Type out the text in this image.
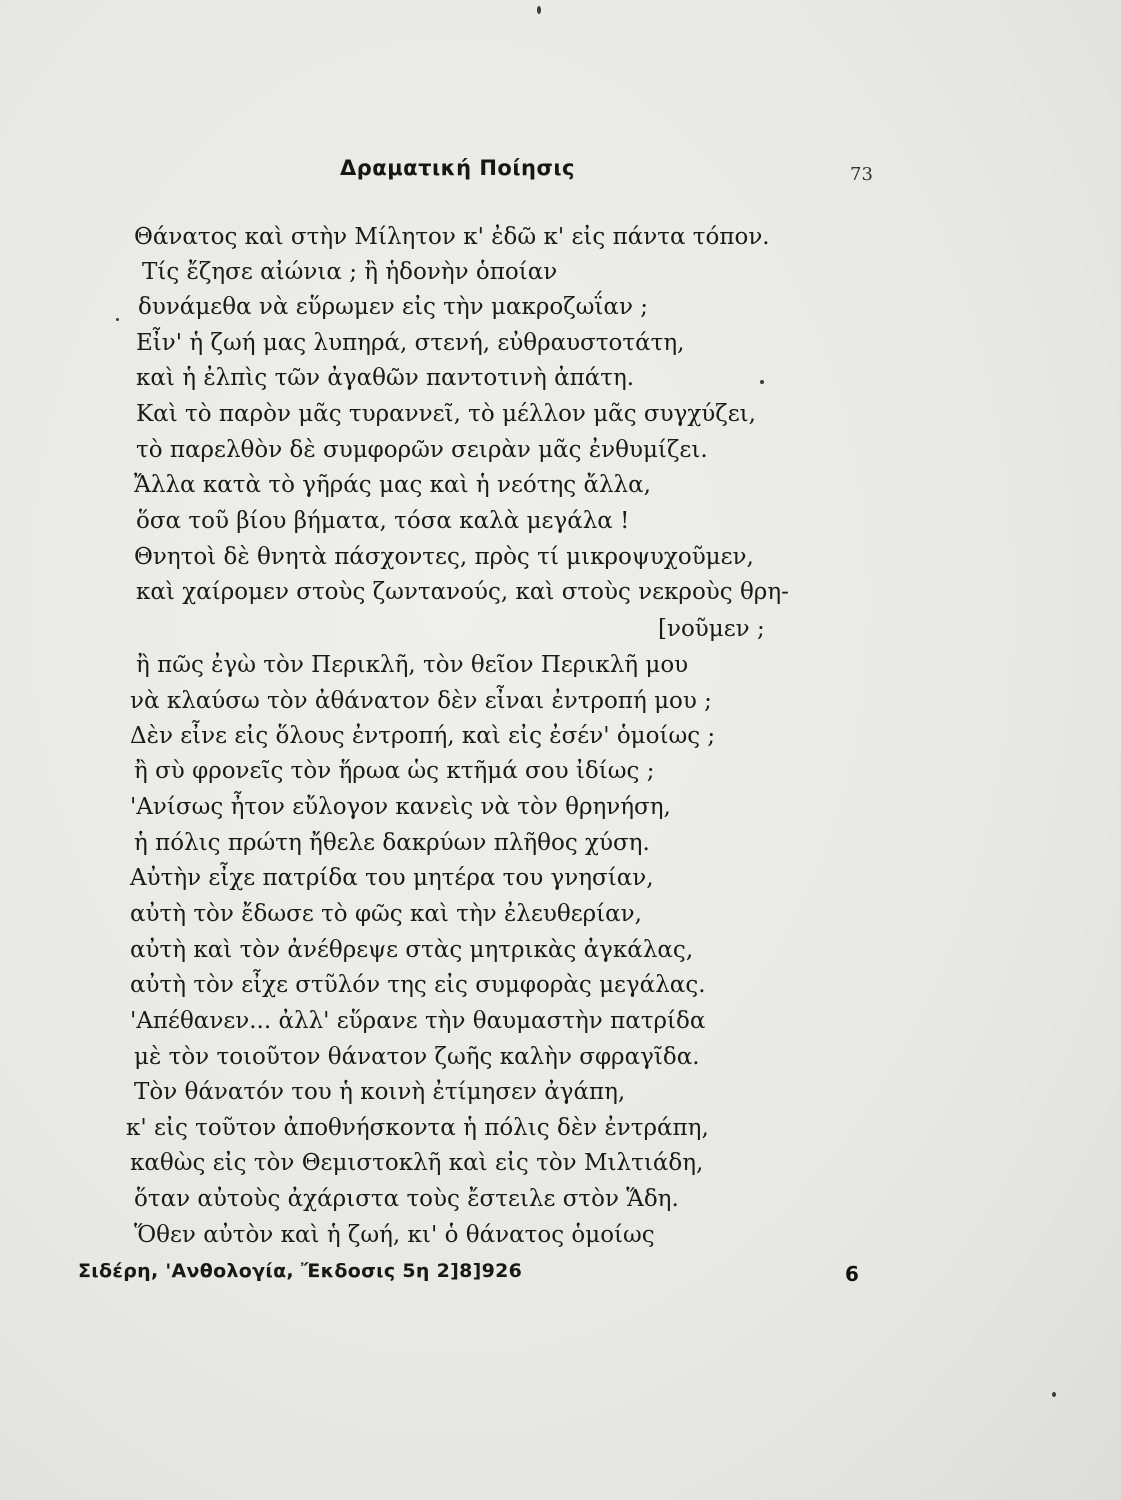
Δραματική Ποίησις	73
Θάνατος καὶ στὴν Μίλητον κ' ἐδῶ κ' εἰς πάντα τόπον.
Τίς ἔζησε αἰώνια ; ἢ ἡδονὴν ὁποίαν
δυνάμεθα νὰ εὕρωμεν εἰς τὴν μακροζωΐαν ;
Εἶν' ἡ ζωή μας λυπηρά, στενή, εὐθραυστοτάτη,
καὶ ἡ ἐλπὶς τῶν ἀγαθῶν παντοτινὴ ἀπάτη.
Καὶ τὸ παρὸν μᾶς τυραννεῖ, τὸ μέλλον μᾶς συγχύζει,
τὸ παρελθὸν δὲ συμφορῶν σειρὰν μᾶς ἐνθυμίζει.
Ἄλλα κατὰ τὸ γῆράς μας καὶ ἡ νεότης ἄλλα,
ὅσα τοῦ βίου βήματα, τόσα καλὰ μεγάλα !
Θνητοὶ δὲ θνητὰ πάσχοντες, πρὸς τί μικροψυχοῦμεν,
καὶ χαίρομεν στοὺς ζωντανούς, καὶ στοὺς νεκροὺς θρη-
[νοῦμεν ;
ἢ πῶς ἐγὼ τὸν Περικλῆ, τὸν θεῖον Περικλῆ μου
νὰ κλαύσω τὸν ἀθάνατον δὲν εἶναι ἐντροπή μου ;
Δὲν εἶνε εἰς ὅλους ἐντροπή, καὶ εἰς ἐσέν' ὁμοίως ;
ἢ σὺ φρονεῖς τὸν ἥρωα ὡς κτῆμά σου ἰδίως ;
'Ανίσως ἦτον εὔλογον κανεὶς νὰ τὸν θρηνήση,
ἡ πόλις πρώτη ἤθελε δακρύων πλῆθος χύση.
Αὐτὴν εἶχε πατρίδα του μητέρα του γνησίαν,
αὐτὴ τὸν ἔδωσε τὸ φῶς καὶ τὴν ἐλευθερίαν,
αὐτὴ καὶ τὸν ἀνέθρεψε στὰς μητρικὰς ἀγκάλας,
αὐτὴ τὸν εἶχε στῦλόν της εἰς συμφορὰς μεγάλας.
'Απέθανεν... ἀλλ' εὕρανε τὴν θαυμαστὴν πατρίδα
μὲ τὸν τοιοῦτον θάνατον ζωῆς καλὴν σφραγῖδα.
Τὸν θάνατόν του ἡ κοινὴ ἐτίμησεν ἀγάπη,
κ' εἰς τοῦτον ἀποθνήσκοντα ἡ πόλις δὲν ἐντράπη,
καθὼς εἰς τὸν Θεμιστοκλῆ καὶ εἰς τὸν Μιλτιάδη,
ὅταν αὐτοὺς ἀχάριστα τοὺς ἔστειλε στὸν Ἅδη.
Ὅθεν αὐτὸν καὶ ἡ ζωή, κι' ὁ θάνατος ὁμοίως
Σιδέρη, 'Ανθολογία, Ἔκδοσις 5η 2]8]926	6
